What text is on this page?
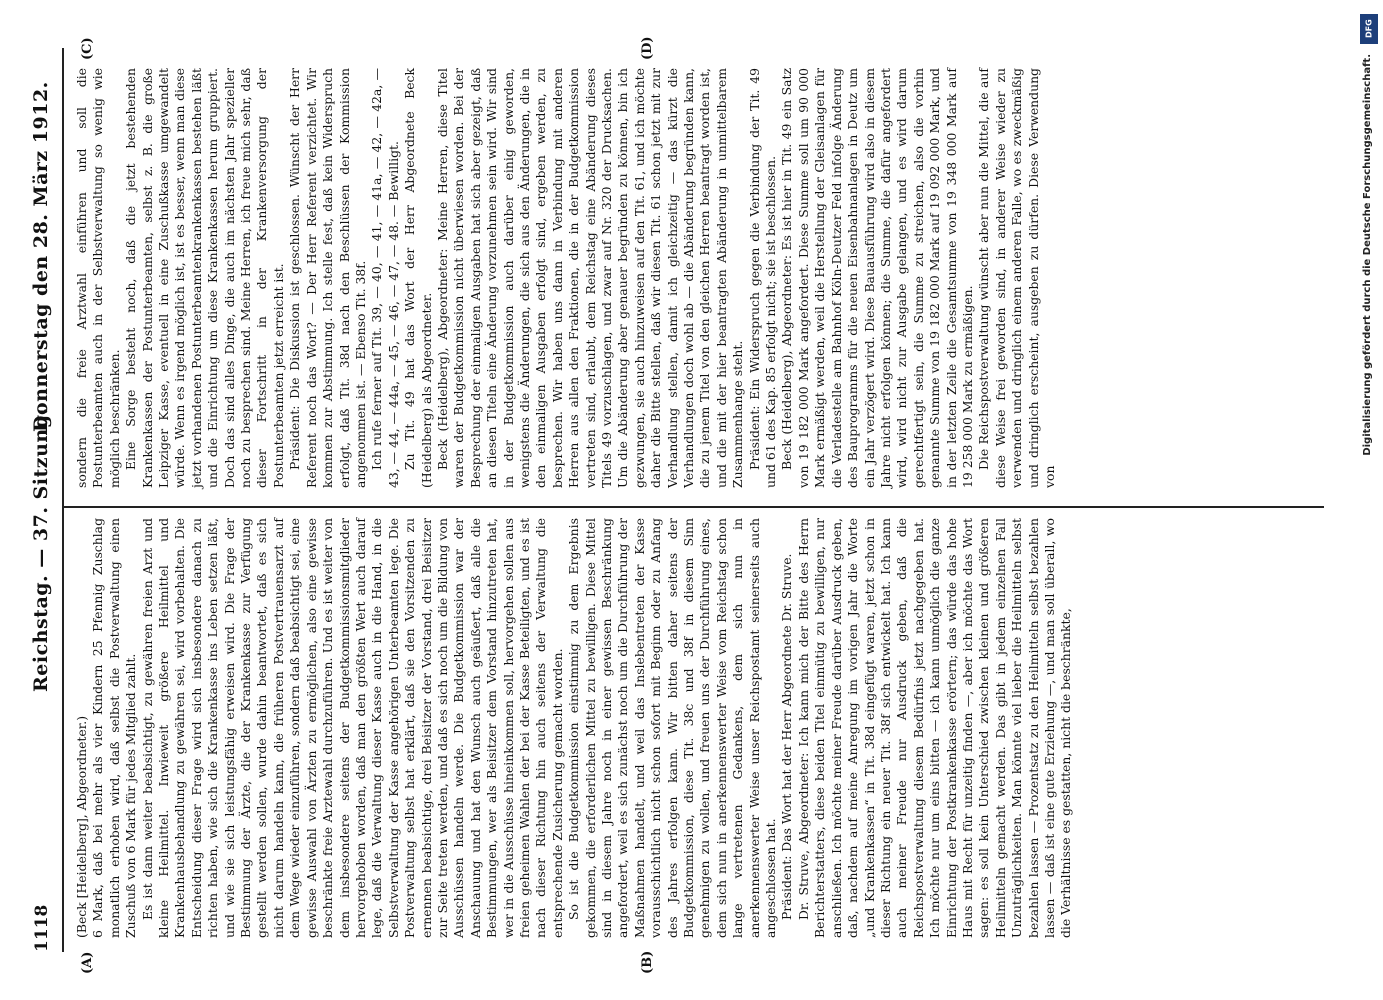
1118
Reichstag. — 37. Sitzung.
Donnerstag den 28. März 1912.
(A)	(B)
(C)	(D)

(Beck [Heidelberg], Abgeordneter.) 6 Mark, daß bei mehr als vier Kindern 25 Pfennig Zuschlag monatlich erhoben wird, daß selbst die Postverwaltung einen Zuschuß von 6 Mark für jedes Mitglied zahlt. Es ist dann weiter beabsichtigt, zu gewähren freien Arzt und kleine Heilmittel. Inwieweit größere Heilmittel und Krankenhausbehandlung zu gewähren sei, wird vorbehalten. Die Entscheidung dieser Frage wird sich insbesondere danach zu richten haben, wie sich die Krankenkasse ins Leben setzen läßt, und wie sie sich leistungsfähig erweisen wird. Die Frage der Bestimmung der Ärzte, die der Krankenkasse zur Verfügung gestellt werden sollen, wurde dahin beantwortet, daß es sich nicht darum handeln kann, die früheren Postvertrauensarzt auf dem Wege wieder einzuführen, sondern daß beabsichtigt sei, eine gewisse Auswahl von Ärzten zu ermöglichen, also eine gewisse beschränkte freie Arztewahl durchzuführen. Und es ist weiter von dem insbesondere seitens der Budgetkommissionsmitglieder hervorgehoben worden, daß man den größten Wert auch darauf lege, daß die Verwaltung dieser Kasse auch in die Hand, in die Selbstverwaltung der Kasse angehörigen Unterbeamten lege. Die Postverwaltung selbst hat erklärt, daß sie den Vorsitzenden zu ernennen beabsichtige, drei Beisitzer der Vorstand, drei Beisitzer zur Seite treten werden, und daß es sich noch um die Bildung von Ausschüssen handeln werde. Die Budgetkommission war der Anschauung und hat den Wunsch auch geäußert, daß alle die Bestimmungen, wer als Beisitzer dem Vorstand hinzutreten hat, wer in die Ausschüsse hineinkommen soll, hervorgehen sollen aus freien geheimen Wahlen der bei der Kasse Beteiligten, und es ist nach dieser Richtung hin auch seitens der Verwaltung die entsprechende Zusicherung gemacht worden. So ist die Budgetkommission einstimmig zu dem Ergebnis gekommen, die erforderlichen Mittel zu bewilligen. Diese Mittel sind in diesem Jahre noch in einer gewissen Beschränkung angefordert, weil es sich zunächst noch um die Durchführung der Maßnahmen handelt, und weil das Inslebentreten der Kasse vorausschichtlich nicht schon sofort mit Beginn oder zu Anfang des Jahres erfolgen kann. Wir bitten daher seitens der Budgetkommission, diese Tit. 38c und 38f in diesem Sinn genehmigen zu wollen, und freuen uns der Durchführung eines, dem sich nun in anerkennenswerter Weise vom Reichstag schon lange vertretenen Gedankens, dem sich nun in anerkennenswerter Weise unser Reichspostamt seinerseits auch angeschlossen hat. Präsident: Das Wort hat der Herr Abgeordnete Dr. Struve. Dr. Struve, Abgeordneter: Ich kann mich der Bitte des Herrn Berichterstatters, diese beiden Titel einmütig zu bewilligen, nur anschließen. Ich möchte meiner Freude darüber Ausdruck geben, daß, nachdem auf meine Anregung im vorigen Jahr die Worte „und Krankenkassen“ in Tit. 38d eingefügt waren, jetzt schon in dieser Richtung ein neuer Tit. 38f sich entwickelt hat. Ich kann auch meiner Freude nur Ausdruck geben, daß die Reichspostverwaltung diesem Bedürfnis jetzt nachgegeben hat. Ich möchte nur um eins bitten — ich kann unmöglich die ganze Einrichtung der Postkrankenkasse erörtern; das würde das hohe Haus mit Recht für unzeitig finden —, aber ich möchte das Wort sagen: es soll kein Unterschied zwischen kleinen und größeren Heilmitteln gemacht werden. Das gibt in jedem einzelnen Fall Unzuträglichkeiten. Man könnte viel lieber die Heilmitteln selbst bezahlen lassen — Prozentsatz zu den Heilmitteln selbst bezahlen lassen — daß ist eine gute Erziehung —, und man soll überall, wo die Verhältnisse es gestatten, nicht die beschränkte,

sondern die freie Arztwahl einführen und soll die Postunterbeamten auch in der Selbstverwaltung so wenig wie möglich beschränken. Eine Sorge besteht noch, daß die jetzt bestehenden Krankenkassen der Postunterbeamten, selbst z. B. die große Leipziger Kasse, eventuell in eine Zuschußkasse umgewandelt würde. Wenn es irgend möglich ist, ist es besser, wenn man diese jetzt vorhandenen Postunterbeamtenkrankenkassen bestehen läßt und die Einrichtung um diese Krankenkassen herum gruppiert. Doch das sind alles Dinge, die auch im nächsten Jahr spezieller noch zu besprechen sind. Meine Herren, ich freue mich sehr, daß dieser Fortschritt in der Krankenversorgung der Postunterbeamten jetzt erreicht ist. Präsident: Die Diskussion ist geschlossen. Wünscht der Herr Referent noch das Wort? — Der Herr Referent verzichtet. Wir kommen zur Abstimmung. Ich stelle fest, daß kein Widerspruch erfolgt, daß Tit. 38d nach den Beschlüssen der Kommission angenommen ist. — Ebenso Tit. 38f. Ich rufe ferner auf Tit. 39, — 40, — 41, — 41a, — 42, — 42a, — 43, — 44, — 44a, — 45, — 46, — 47, — 48. — Bewilligt. Zu Tit. 49 hat das Wort der Herr Abgeordnete Beck (Heidelberg) als Abgeordneter. Beck (Heidelberg), Abgeordneter: Meine Herren, diese Titel waren der Budgetkommission nicht überwiesen worden. Bei der Besprechung der einmaligen Ausgaben hat sich aber gezeigt, daß an diesen Titeln eine Änderung vorzunehmen sein wird. Wir sind in der Budgetkommission auch darüber einig geworden, wenigstens die Änderungen, die sich aus den Änderungen, die in den einmaligen Ausgaben erfolgt sind, ergeben werden, zu besprechen. Wir haben uns dann in Verbindung mit anderen Herren aus allen den Fraktionen, die in der Budgetkommission vertreten sind, erlaubt, dem Reichstag eine Abänderung dieses Titels 49 vorzuschlagen, und zwar auf Nr. 320 der Drucksachen. Um die Abänderung aber genauer begründen zu können, bin ich gezwungen, sie auch hinzuweisen auf den Tit. 61, und ich möchte daher die Bitte stellen, daß wir diesen Tit. 61 schon jetzt mit zur Verhandlung stellen, damit ich gleichzeitig — das kürzt die Verhandlungen doch wohl ab — die Abänderung begründen kann, die zu jenem Titel von den gleichen Herren beantragt worden ist, und die mit der hier beantragten Abänderung in unmittelbarem Zusammenhange steht. Präsident: Ein Widerspruch gegen die Verbindung der Tit. 49 und 61 des Kap. 85 erfolgt nicht; sie ist beschlossen. Beck (Heidelberg), Abgeordneter: Es ist hier in Tit. 49 ein Satz von 19 182 000 Mark angefordert. Diese Summe soll um 90 000 Mark ermäßigt werden, weil die Herstellung der Gleisanlagen für die Verladestelle am Bahnhof Köln-Deutzer Feld infolge Änderung des Bauprogramms für die neuen Eisenbahnanlagen in Deutz um ein Jahr verzögert wird. Diese Bauausführung wird also in diesem Jahre nicht erfolgen können; die Summe, die dafür angefordert wird, wird nicht zur Ausgabe gelangen, und es wird darum gerechtfertigt sein, die Summe zu streichen, also die vorhin genannte Summe von 19 182 000 Mark auf 19 092 000 Mark, und in der letzten Zeile die Gesamtsumme von 19 348 000 Mark auf 19 258 000 Mark zu ermäßigen. Die Reichspostverwaltung wünscht aber nun die Mittel, die auf diese Weise frei geworden sind, in anderer Weise wieder zu verwenden und dringlich einem anderen Falle, wo es zweckmäßig und dringlich erscheint, ausgeben zu dürfen. Diese Verwendung von

DFG
Digitalisierung gefördert durch die Deutsche Forschungsgemeinschaft.
